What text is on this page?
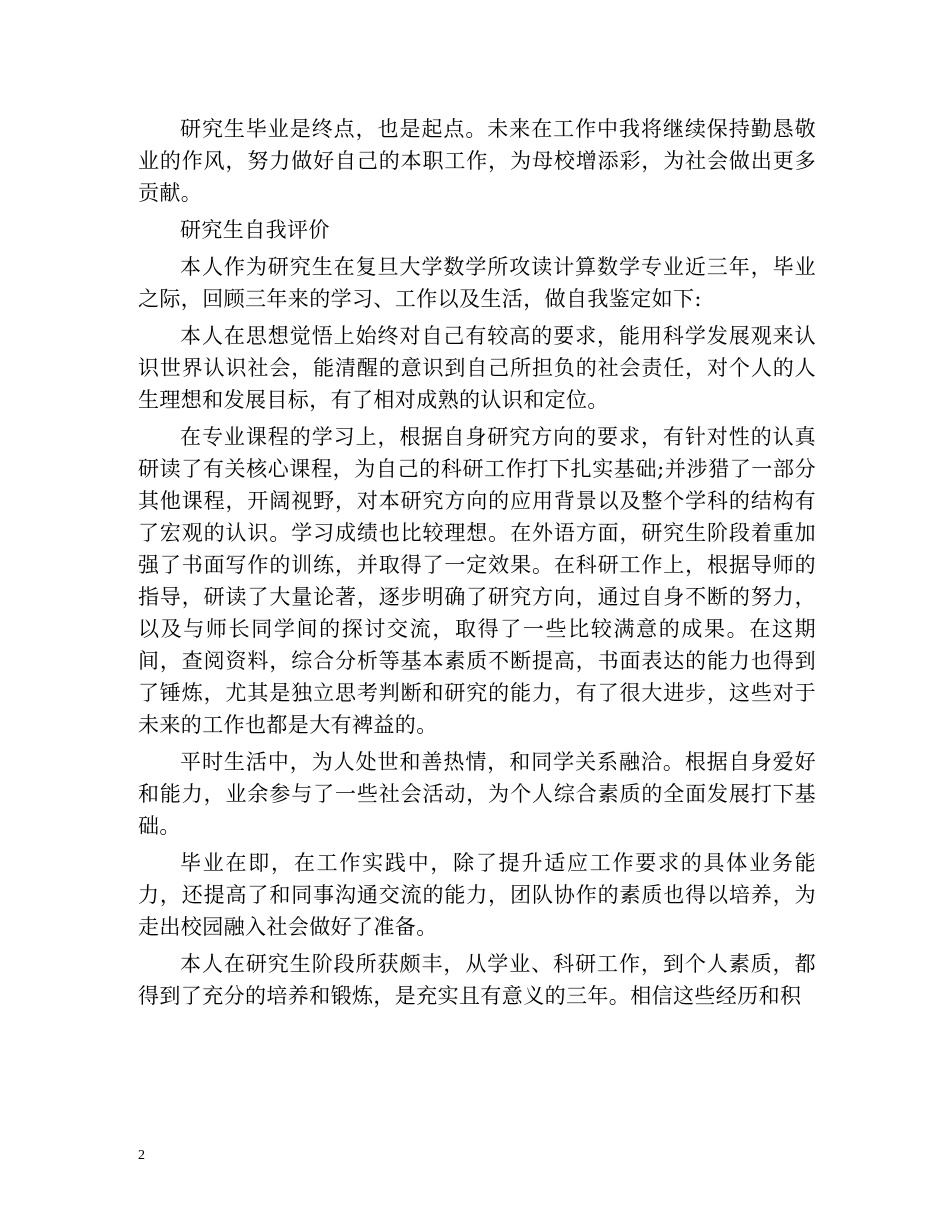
研究生毕业是终点，也是起点。未来在工作中我将继续保持勤恳敬业的作风，努力做好自己的本职工作，为母校增添彩，为社会做出更多贡献。

研究生自我评价

本人作为研究生在复旦大学数学所攻读计算数学专业近三年，毕业之际，回顾三年来的学习、工作以及生活，做自我鉴定如下:

本人在思想觉悟上始终对自己有较高的要求，能用科学发展观来认识世界认识社会，能清醒的意识到自己所担负的社会责任，对个人的人生理想和发展目标，有了相对成熟的认识和定位。

在专业课程的学习上，根据自身研究方向的要求，有针对性的认真研读了有关核心课程，为自己的科研工作打下扎实基础;并涉猎了一部分其他课程，开阔视野，对本研究方向的应用背景以及整个学科的结构有了宏观的认识。学习成绩也比较理想。在外语方面，研究生阶段着重加强了书面写作的训练，并取得了一定效果。在科研工作上，根据导师的指导，研读了大量论著，逐步明确了研究方向，通过自身不断的努力，以及与师长同学间的探讨交流，取得了一些比较满意的成果。在这期间，查阅资料，综合分析等基本素质不断提高，书面表达的能力也得到了锤炼，尤其是独立思考判断和研究的能力，有了很大进步，这些对于未来的工作也都是大有裨益的。

平时生活中，为人处世和善热情，和同学关系融洽。根据自身爱好和能力，业余参与了一些社会活动，为个人综合素质的全面发展打下基础。

毕业在即，在工作实践中，除了提升适应工作要求的具体业务能力，还提高了和同事沟通交流的能力，团队协作的素质也得以培养，为走出校园融入社会做好了准备。

本人在研究生阶段所获颇丰，从学业、科研工作，到个人素质，都得到了充分的培养和锻炼，是充实且有意义的三年。相信这些经历和积

2
